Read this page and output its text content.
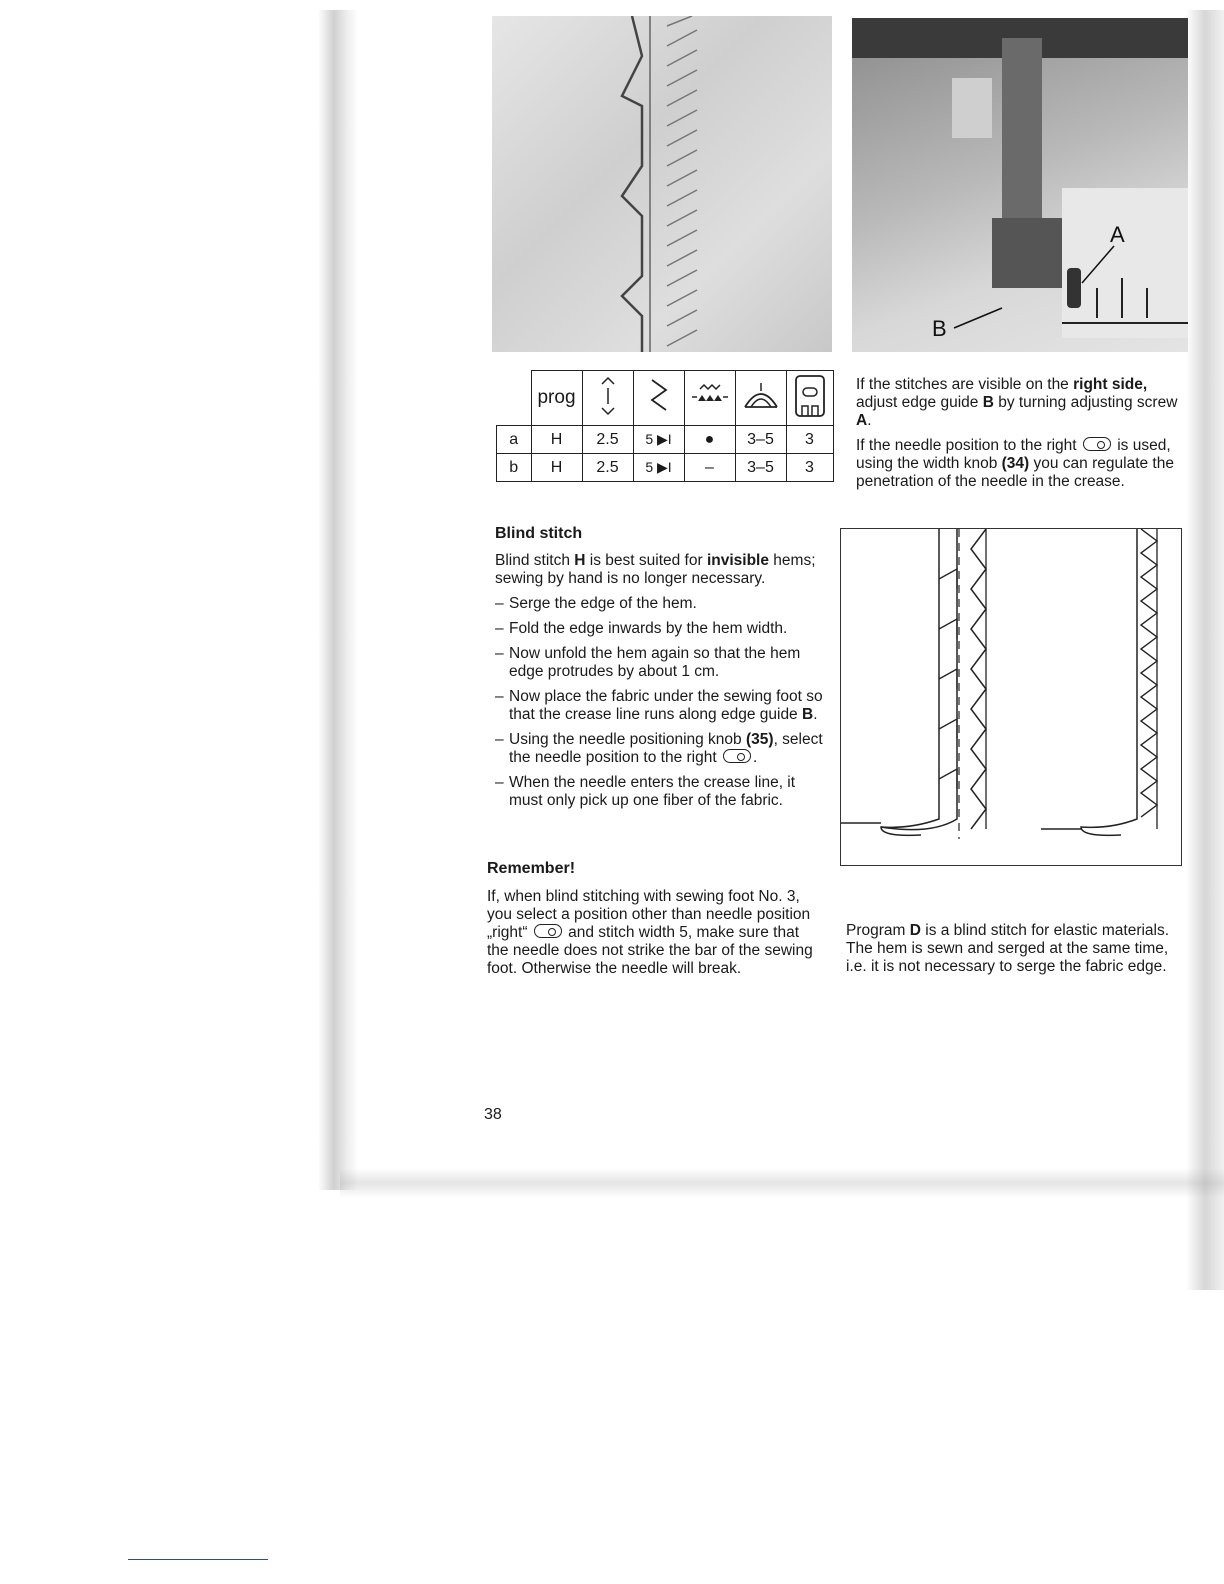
A
B
	prog					
a	H	2.5	5 ▶I	●	3–5	3
b	H	2.5	5 ▶I	–	3–5	3

If the stitches are visible on the right side, adjust edge guide B by turning adjusting screw A.

If the needle position to the right  is used, using the width knob (34) you can regulate the penetration of the needle in the crease.

Blind stitch

Blind stitch H is best suited for invisible hems; sewing by hand is no longer necessary.

– Serge the edge of the hem.
– Fold the edge inwards by the hem width.
– Now unfold the hem again so that the hem edge protrudes by about 1 cm.
– Now place the fabric under the sewing foot so that the crease line runs along edge guide B.
– Using the needle positioning knob (35), select the needle position to the right .
– When the needle enters the crease line, it must only pick up one fiber of the fabric.
Remember!

If, when blind stitching with sewing foot No. 3, you select a position other than needle position „right“  and stitch width 5, make sure that the needle does not strike the bar of the sewing foot. Otherwise the needle will break.

Program D is a blind stitch for elastic materials. The hem is sewn and serged at the same time, i.e. it is not necessary to serge the fabric edge.

38
